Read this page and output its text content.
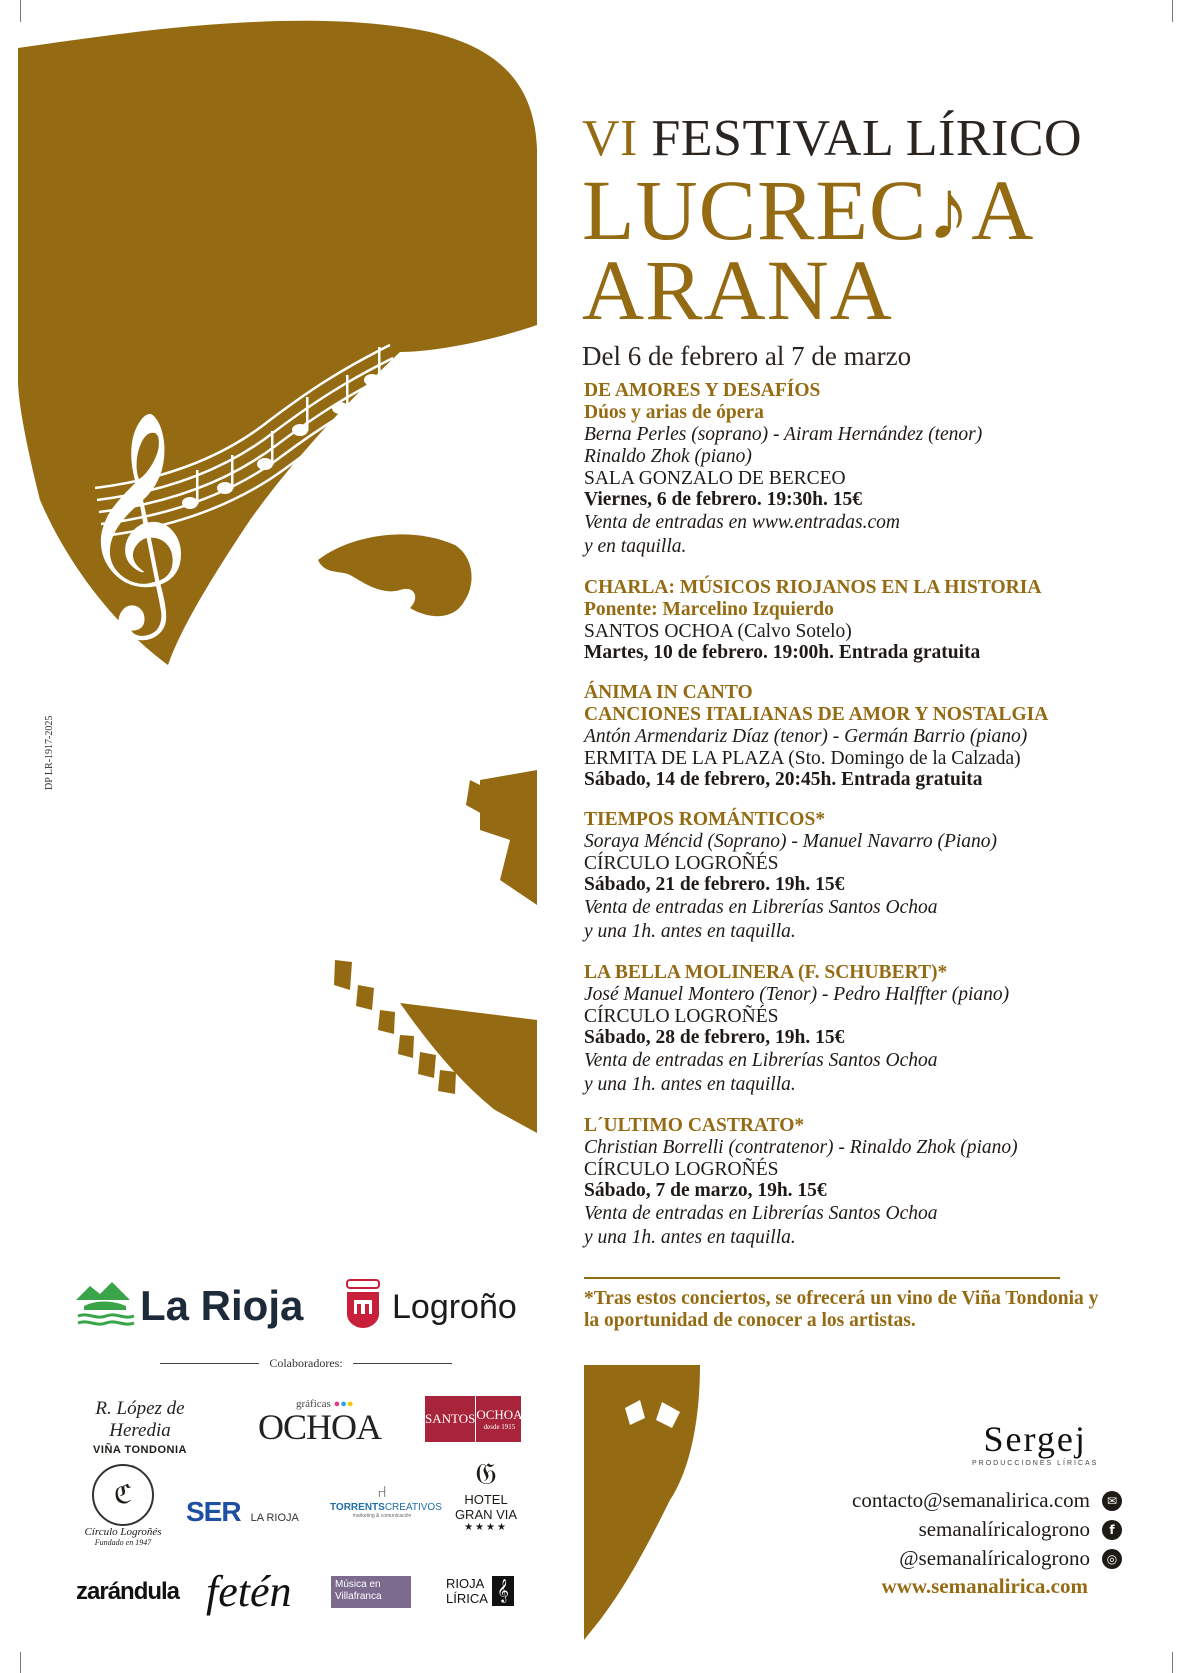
𝄞
DP LR-1917-2025
VI FESTIVAL LÍRICO
LUCREC♪A
ARANA
Del 6 de febrero al 7 de marzo
DE AMORES Y DESAFÍOS
Dúos y arias de ópera
Berna Perles (soprano) - Airam Hernández (tenor)
Rinaldo Zhok (piano)
SALA GONZALO DE BERCEO
Viernes, 6 de febrero. 19:30h. 15€
Venta de entradas en www.entradas.com
y en taquilla.
CHARLA: MÚSICOS RIOJANOS EN LA HISTORIA
Ponente: Marcelino Izquierdo
SANTOS OCHOA (Calvo Sotelo)
Martes, 10 de febrero. 19:00h. Entrada gratuita
ÁNIMA IN CANTO
CANCIONES ITALIANAS DE AMOR Y NOSTALGIA
Antón Armendariz Díaz (tenor) - Germán Barrio (piano)
ERMITA DE LA PLAZA (Sto. Domingo de la Calzada)
Sábado, 14 de febrero, 20:45h. Entrada gratuita
TIEMPOS ROMÁNTICOS*
Soraya Méncid (Soprano) - Manuel Navarro (Piano)
CÍRCULO LOGROÑÉS
Sábado, 21 de febrero. 19h. 15€
Venta de entradas en Librerías Santos Ochoa
y una 1h. antes en taquilla.
LA BELLA MOLINERA (F. SCHUBERT)*
José Manuel Montero (Tenor) - Pedro Halffter (piano)
CÍRCULO LOGROÑÉS
Sábado, 28 de febrero, 19h. 15€
Venta de entradas en Librerías Santos Ochoa
y una 1h. antes en taquilla.
L´ULTIMO CASTRATO*
Christian Borrelli (contratenor) - Rinaldo Zhok (piano)
CÍRCULO LOGROÑÉS
Sábado, 7 de marzo, 19h. 15€
Venta de entradas en Librerías Santos Ochoa
y una 1h. antes en taquilla.
*Tras estos conciertos, se ofrecerá un vino de Viña Tondonia y la oportunidad de conocer a los artistas.
La Rioja	Logroño
Colaboradores:
R. López de Heredia
VIÑA TONDONIA
gráficas ●●●
OCHOA	SANTOS OCHOA
desde 1915
ℭ
Círculo Logroñés
Fundado en 1947
SER LA RIOJA
⑁
TORRENTSCREATIVOS
marketing & comunicación
𝔊
HOTEL
GRAN VIA
★★★★
zarándula fetén	Música en
Villafranca
RIOJA
LÍRICA 𝄞
Sergej
PRODUCCIONES LÍRICAS
contacto@semanalirica.com	✉
semanalíricalogrono	f
@semanalíricalogrono	◎
www.semanalirica.com
